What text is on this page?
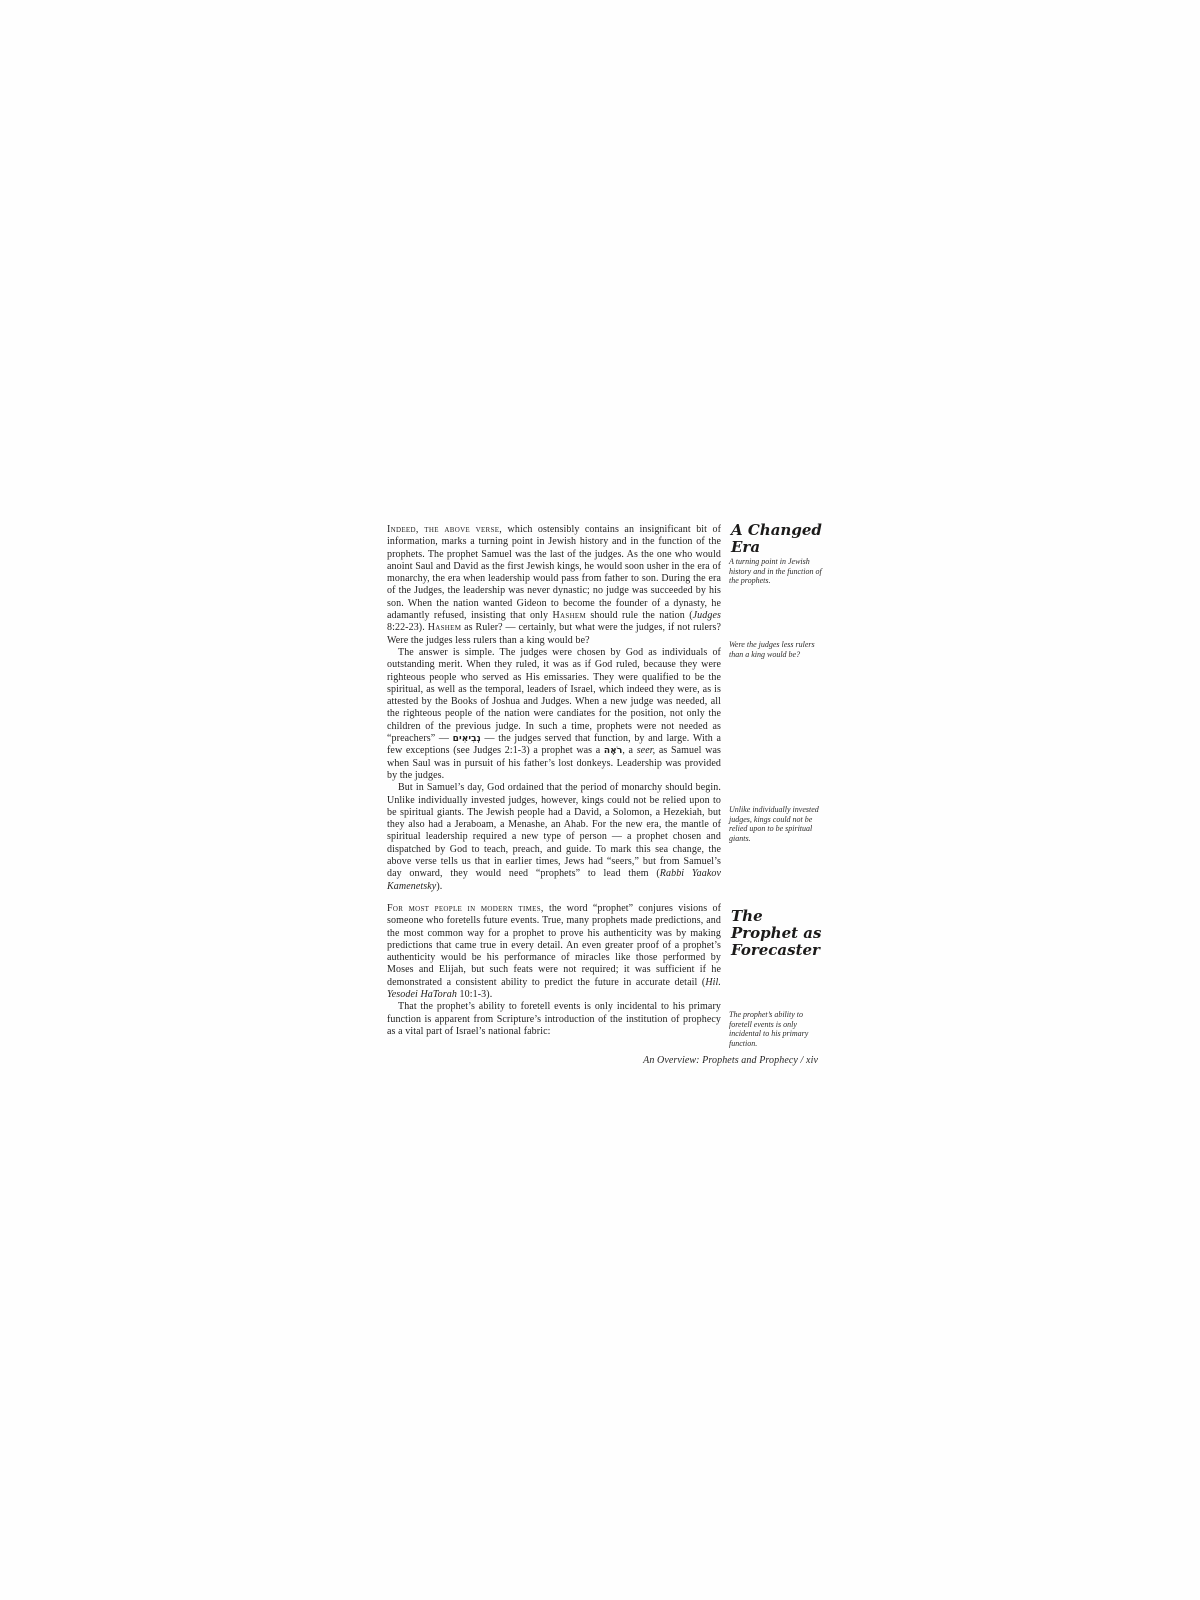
Indeed, the above verse, which ostensibly contains an insignificant bit of information, marks a turning point in Jewish history and in the function of the prophets. The prophet Samuel was the last of the judges. As the one who would anoint Saul and David as the first Jewish kings, he would soon usher in the era of monarchy, the era when leadership would pass from father to son. During the era of the Judges, the leadership was never dynastic; no judge was succeeded by his son. When the nation wanted Gideon to become the founder of a dynasty, he adamantly refused, insisting that only Hashem should rule the nation (Judges 8:22-23). Hashem as Ruler? — certainly, but what were the judges, if not rulers? Were the judges less rulers than a king would be?

The answer is simple. The judges were chosen by God as individuals of outstanding merit. When they ruled, it was as if God ruled, because they were righteous people who served as His emissaries. They were qualified to be the spiritual, as well as the temporal, leaders of Israel, which indeed they were, as is attested by the Books of Joshua and Judges. When a new judge was needed, all the righteous people of the nation were candiates for the position, not only the children of the previous judge. In such a time, prophets were not needed as “preachers” — נְבִיאִים — the judges served that function, by and large. With a few exceptions (see Judges 2:1-3) a prophet was a רֹאֶה, a seer, as Samuel was when Saul was in pursuit of his father’s lost donkeys. Leadership was provided by the judges.

But in Samuel’s day, God ordained that the period of monarchy should begin. Unlike individually invested judges, however, kings could not be relied upon to be spiritual giants. The Jewish people had a David, a Solomon, a Hezekiah, but they also had a Jeraboam, a Menashe, an Ahab. For the new era, the mantle of spiritual leadership required a new type of person — a prophet chosen and dispatched by God to teach, preach, and guide. To mark this sea change, the above verse tells us that in earlier times, Jews had “seers,” but from Samuel’s day onward, they would need “prophets” to lead them (Rabbi Yaakov Kamenetsky).

For most people in modern times, the word “prophet” conjures visions of someone who foretells future events. True, many prophets made predictions, and the most common way for a prophet to prove his authenticity was by making predictions that came true in every detail. An even greater proof of a prophet’s authenticity would be his performance of miracles like those performed by Moses and Elijah, but such feats were not required; it was sufficient if he demonstrated a consistent ability to predict the future in accurate detail (Hil. Yesodei HaTorah 10:1-3).

That the prophet’s ability to foretell events is only incidental to his primary function is apparent from Scripture’s introduction of the institution of prophecy as a vital part of Israel’s national fabric:

A Changed Era

A turning point in Jewish history and in the function of the prophets.

Were the judges less rulers than a king would be?

Unlike individually invested judges, kings could not be relied upon to be spiritual giants.

The Prophet as Forecaster

The prophet’s ability to foretell events is only incidental to his primary function.

An Overview: Prophets and Prophecy / xiv
